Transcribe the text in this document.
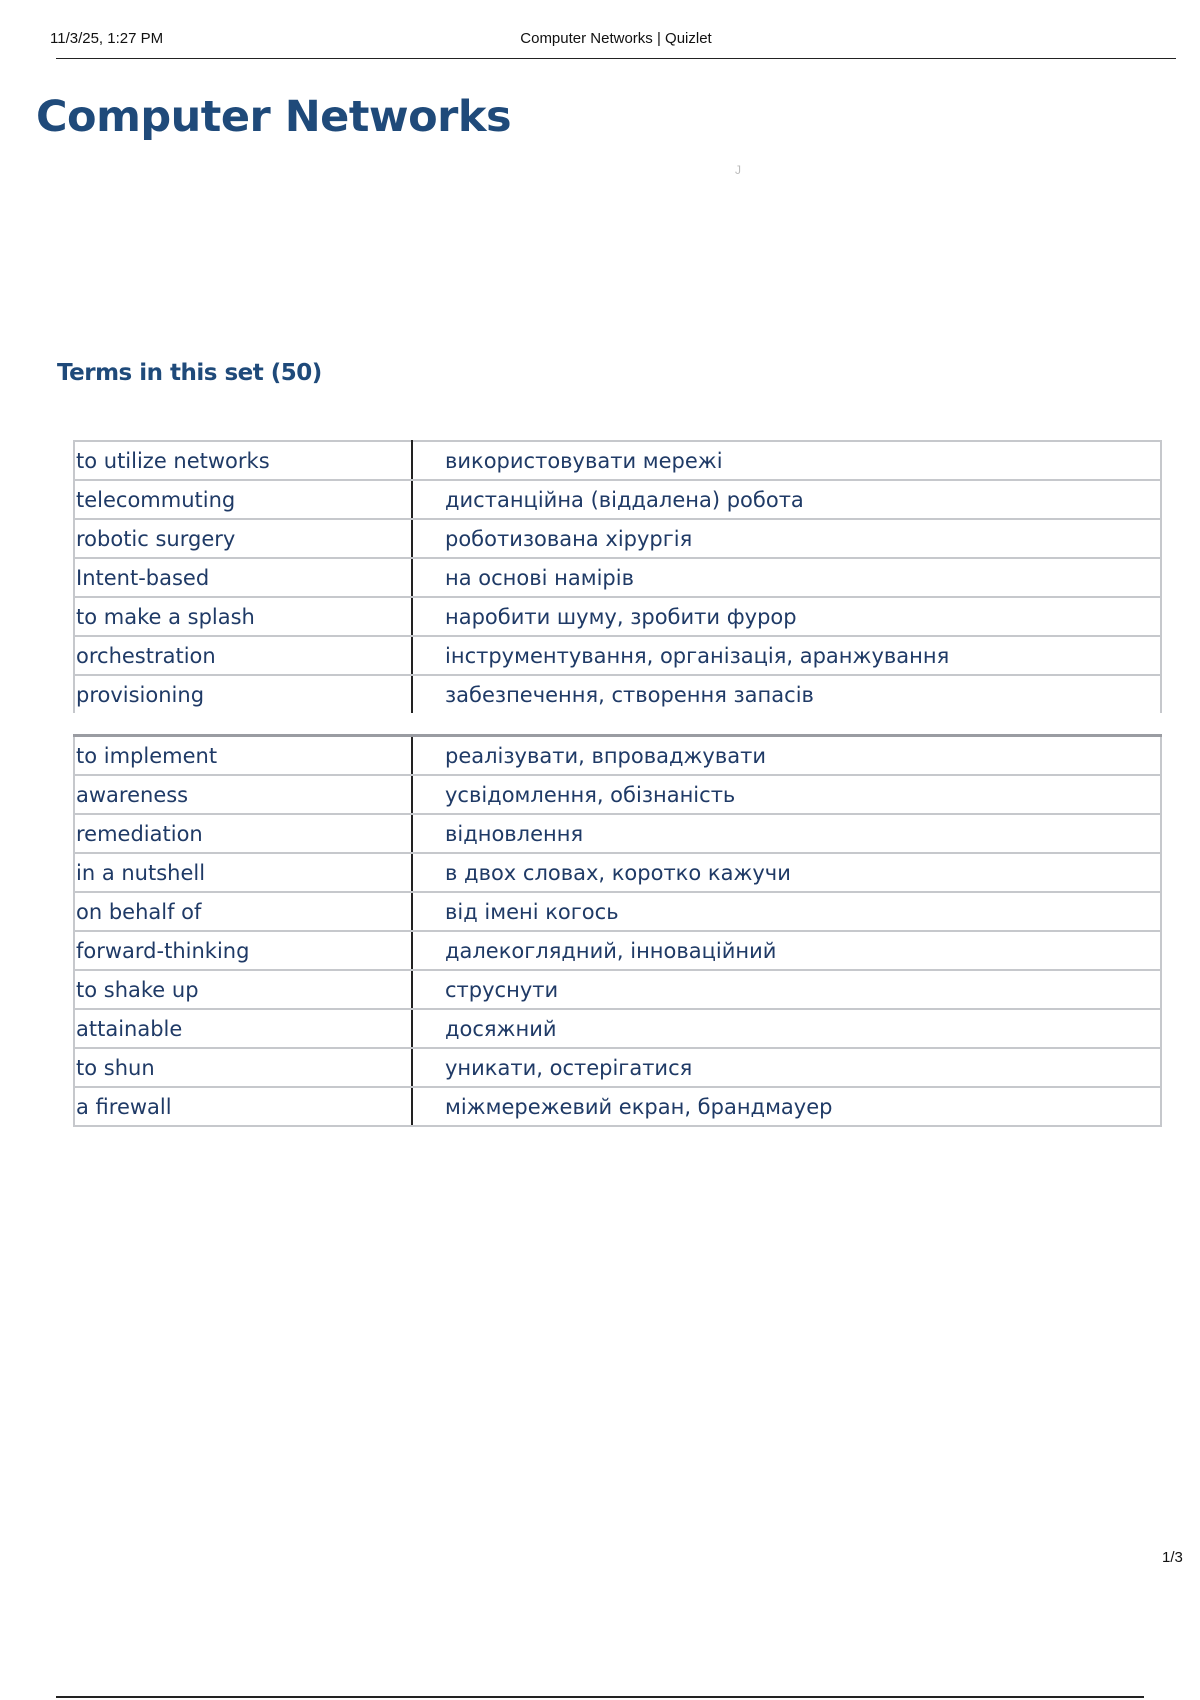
11/3/25, 1:27 PM	Computer Networks | Quizlet
Computer Networks
J
Terms in this set (50)
to utilize networks	використовувати мережі
telecommuting	дистанційна (віддалена) робота
robotic surgery	роботизована хірургія
Intent-based	на основі намірів
to make a splash	наробити шуму, зробити фурор
orchestration	інструментування, організація, аранжування
provisioning	забезпечення, створення запасів
to implement	реалізувати, впроваджувати
awareness	усвідомлення, обізнаність
remediation	відновлення
in a nutshell	в двох словах, коротко кажучи
on behalf of	від імені когось
forward-thinking	далекоглядний, інноваційний
to shake up	струснути
attainable	досяжний
to shun	уникати, остерігатися
a firewall	міжмережевий екран, брандмауер
1/3
